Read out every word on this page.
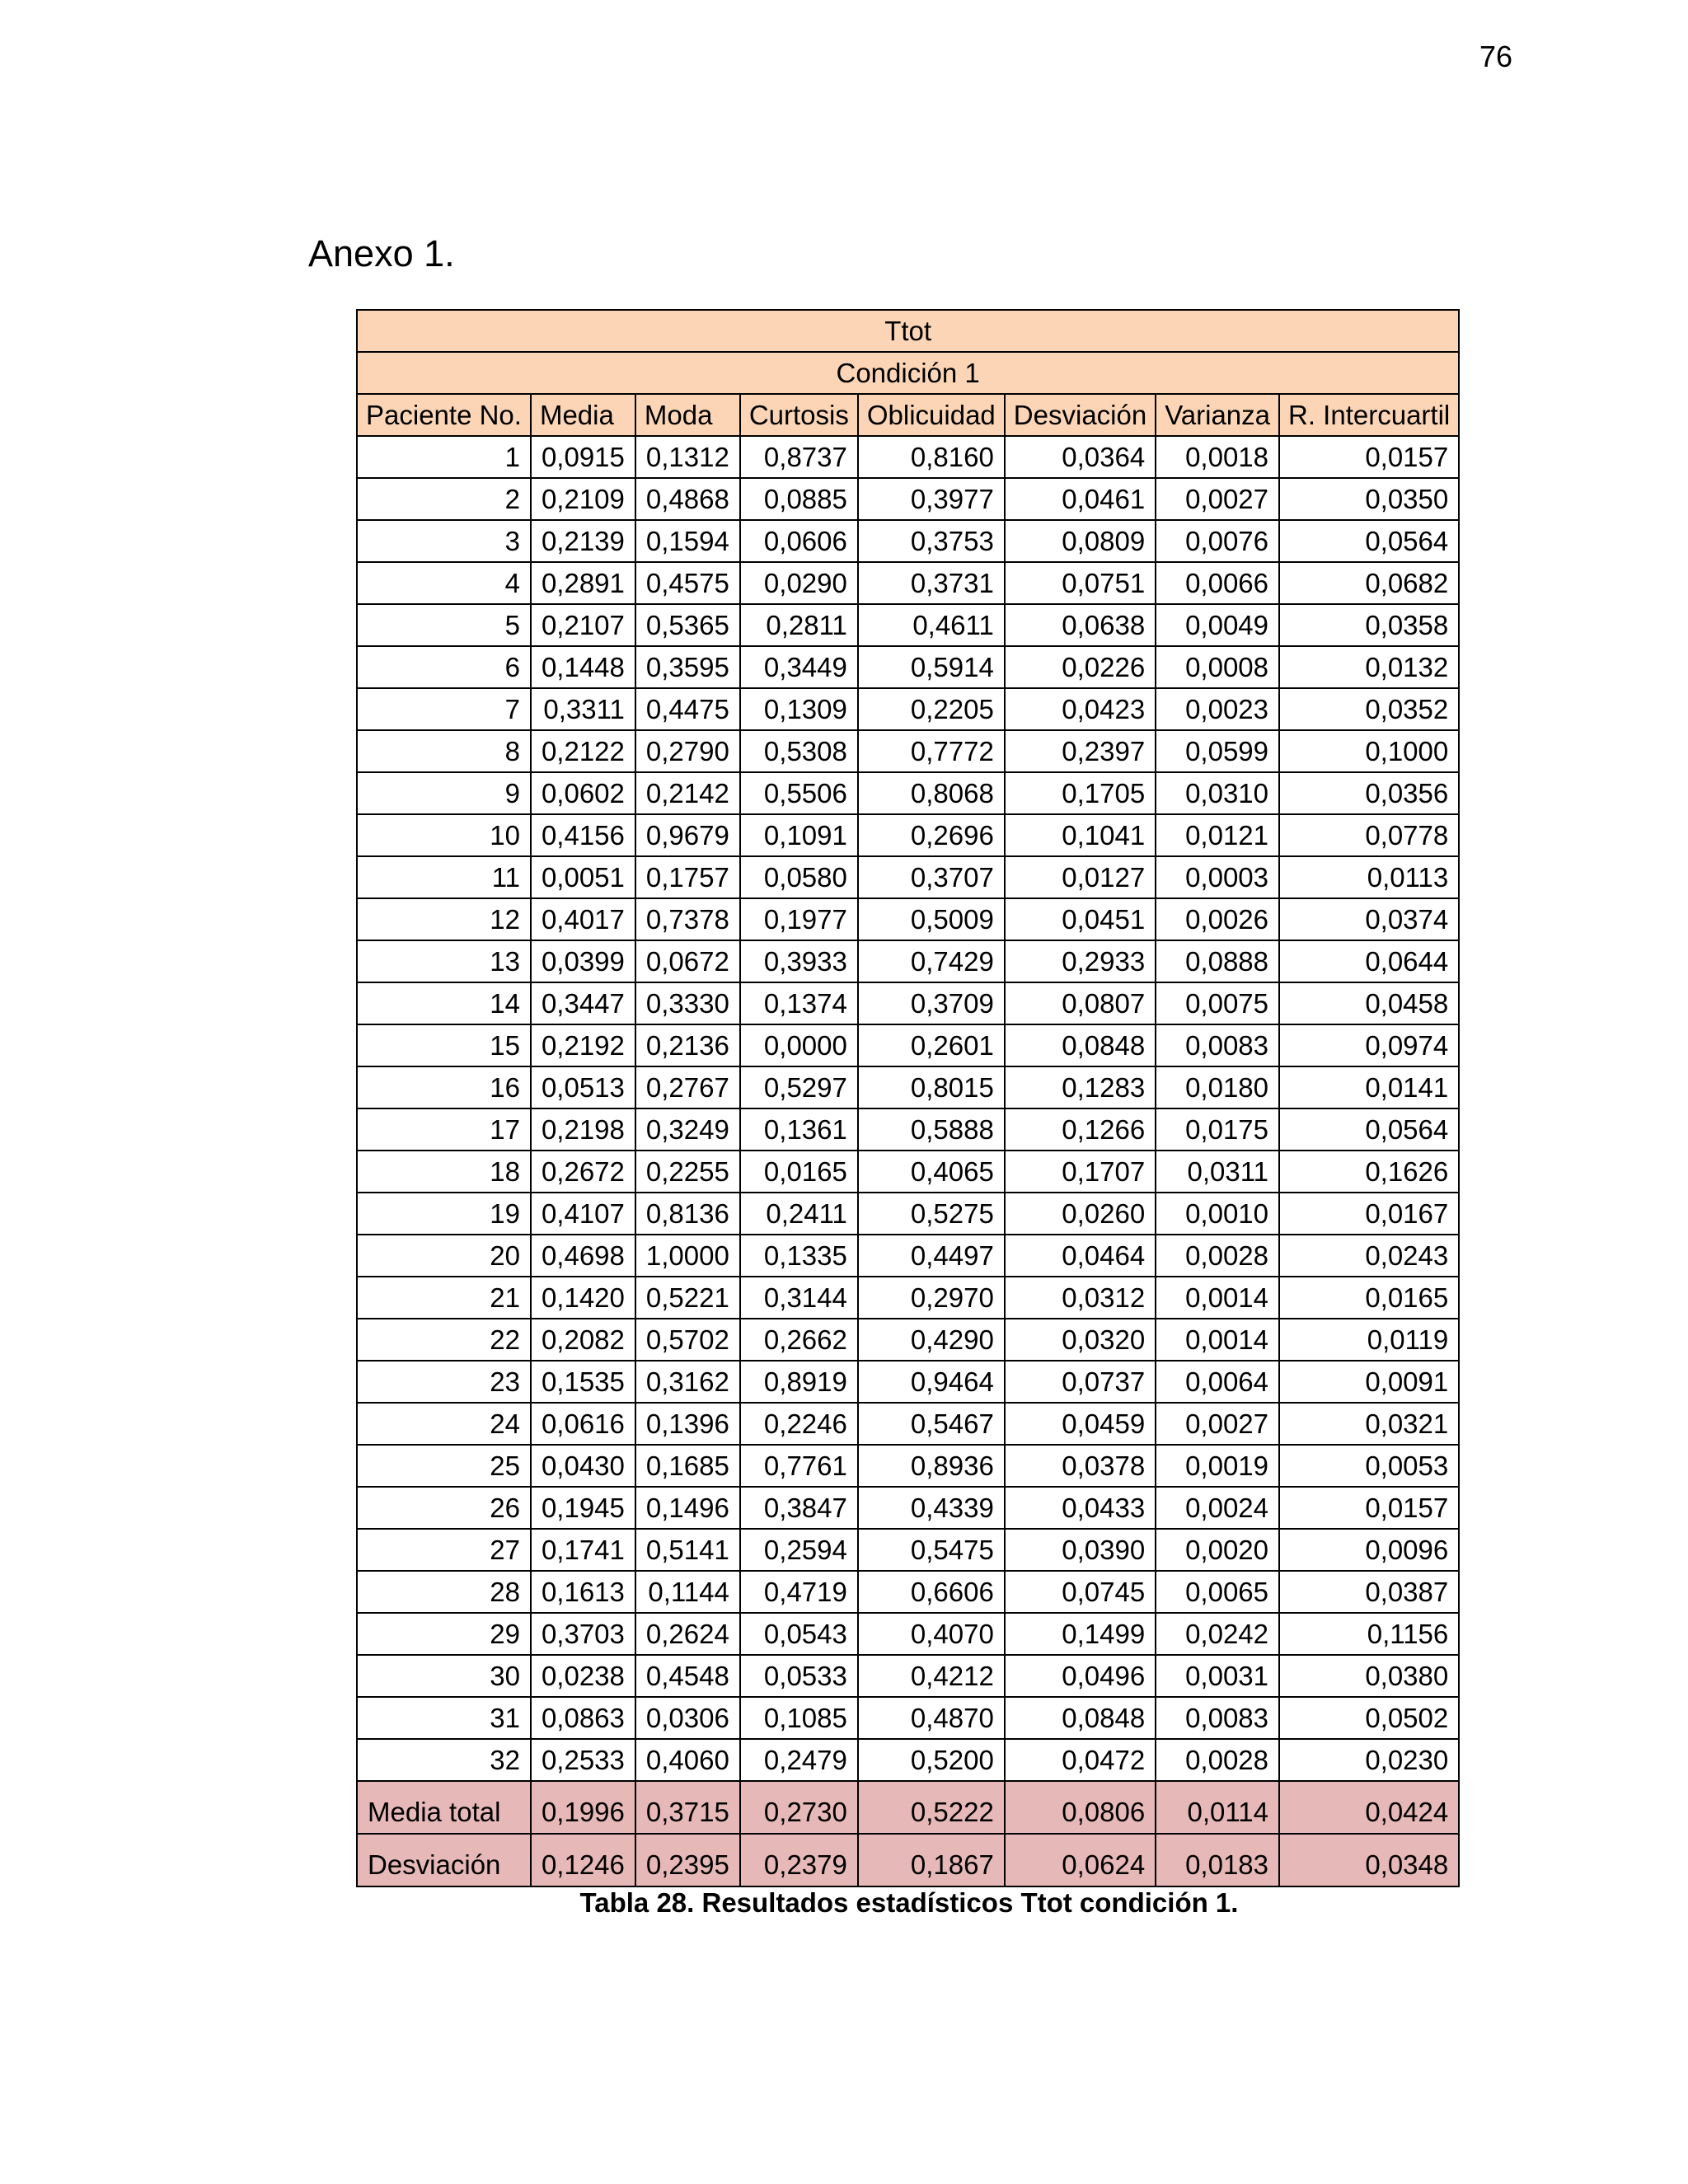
76
Anexo 1.
Ttot							
Condición 1							
Paciente No.	Media	Moda	Curtosis	Oblicuidad	Desviación	Varianza	R. Intercuartil
1	0,0915	0,1312	0,8737	0,8160	0,0364	0,0018	0,0157
2	0,2109	0,4868	0,0885	0,3977	0,0461	0,0027	0,0350
3	0,2139	0,1594	0,0606	0,3753	0,0809	0,0076	0,0564
4	0,2891	0,4575	0,0290	0,3731	0,0751	0,0066	0,0682
5	0,2107	0,5365	0,2811	0,4611	0,0638	0,0049	0,0358
6	0,1448	0,3595	0,3449	0,5914	0,0226	0,0008	0,0132
7	0,3311	0,4475	0,1309	0,2205	0,0423	0,0023	0,0352
8	0,2122	0,2790	0,5308	0,7772	0,2397	0,0599	0,1000
9	0,0602	0,2142	0,5506	0,8068	0,1705	0,0310	0,0356
10	0,4156	0,9679	0,1091	0,2696	0,1041	0,0121	0,0778
11	0,0051	0,1757	0,0580	0,3707	0,0127	0,0003	0,0113
12	0,4017	0,7378	0,1977	0,5009	0,0451	0,0026	0,0374
13	0,0399	0,0672	0,3933	0,7429	0,2933	0,0888	0,0644
14	0,3447	0,3330	0,1374	0,3709	0,0807	0,0075	0,0458
15	0,2192	0,2136	0,0000	0,2601	0,0848	0,0083	0,0974
16	0,0513	0,2767	0,5297	0,8015	0,1283	0,0180	0,0141
17	0,2198	0,3249	0,1361	0,5888	0,1266	0,0175	0,0564
18	0,2672	0,2255	0,0165	0,4065	0,1707	0,0311	0,1626
19	0,4107	0,8136	0,2411	0,5275	0,0260	0,0010	0,0167
20	0,4698	1,0000	0,1335	0,4497	0,0464	0,0028	0,0243
21	0,1420	0,5221	0,3144	0,2970	0,0312	0,0014	0,0165
22	0,2082	0,5702	0,2662	0,4290	0,0320	0,0014	0,0119
23	0,1535	0,3162	0,8919	0,9464	0,0737	0,0064	0,0091
24	0,0616	0,1396	0,2246	0,5467	0,0459	0,0027	0,0321
25	0,0430	0,1685	0,7761	0,8936	0,0378	0,0019	0,0053
26	0,1945	0,1496	0,3847	0,4339	0,0433	0,0024	0,0157
27	0,1741	0,5141	0,2594	0,5475	0,0390	0,0020	0,0096
28	0,1613	0,1144	0,4719	0,6606	0,0745	0,0065	0,0387
29	0,3703	0,2624	0,0543	0,4070	0,1499	0,0242	0,1156
30	0,0238	0,4548	0,0533	0,4212	0,0496	0,0031	0,0380
31	0,0863	0,0306	0,1085	0,4870	0,0848	0,0083	0,0502
32	0,2533	0,4060	0,2479	0,5200	0,0472	0,0028	0,0230
Media total	0,1996	0,3715	0,2730	0,5222	0,0806	0,0114	0,0424
Desviación	0,1246	0,2395	0,2379	0,1867	0,0624	0,0183	0,0348
Tabla 28. Resultados estadísticos Ttot condición 1.
